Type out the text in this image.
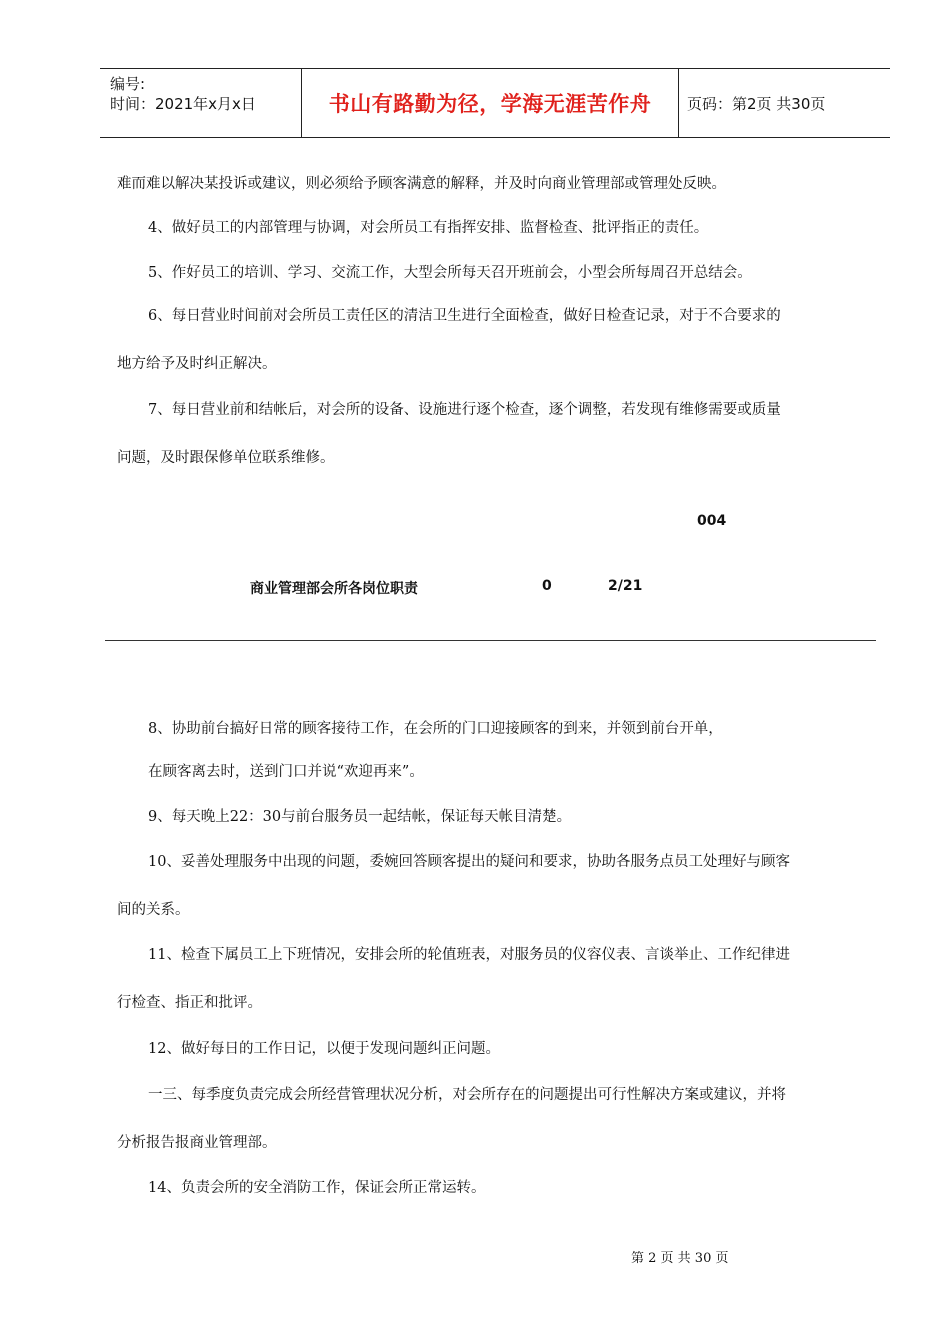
编号:
时间：2021年x月x日	书山有路勤为径，学海无涯苦作舟	页码：第2页 共30页
难而难以解决某投诉或建议，则必须给予顾客满意的解释，并及时向商业管理部或管理处反映。
4、做好员工的内部管理与协调，对会所员工有指挥安排、监督检查、批评指正的责任。
5、作好员工的培训、学习、交流工作，大型会所每天召开班前会，小型会所每周召开总结会。
6、每日营业时间前对会所员工责任区的清洁卫生进行全面检查，做好日检查记录，对于不合要求的
地方给予及时纠正解决。
7、每日营业前和结帐后，对会所的设备、设施进行逐个检查，逐个调整，若发现有维修需要或质量
问题，及时跟保修单位联系维修。
004
商业管理部会所各岗位职责	0	2/21
8、协助前台搞好日常的顾客接待工作，在会所的门口迎接顾客的到来，并领到前台开单，
在顾客离去时，送到门口并说“欢迎再来”。
9、每天晚上22：30与前台服务员一起结帐，保证每天帐目清楚。
10、妥善处理服务中出现的问题，委婉回答顾客提出的疑问和要求，协助各服务点员工处理好与顾客
间的关系。
11、检查下属员工上下班情况，安排会所的轮值班表，对服务员的仪容仪表、言谈举止、工作纪律进
行检查、指正和批评。
12、做好每日的工作日记，以便于发现问题纠正问题。
一三、每季度负责完成会所经营管理状况分析，对会所存在的问题提出可行性解决方案或建议，并将
分析报告报商业管理部。
14、负责会所的安全消防工作，保证会所正常运转。
第 2 页 共 30 页
